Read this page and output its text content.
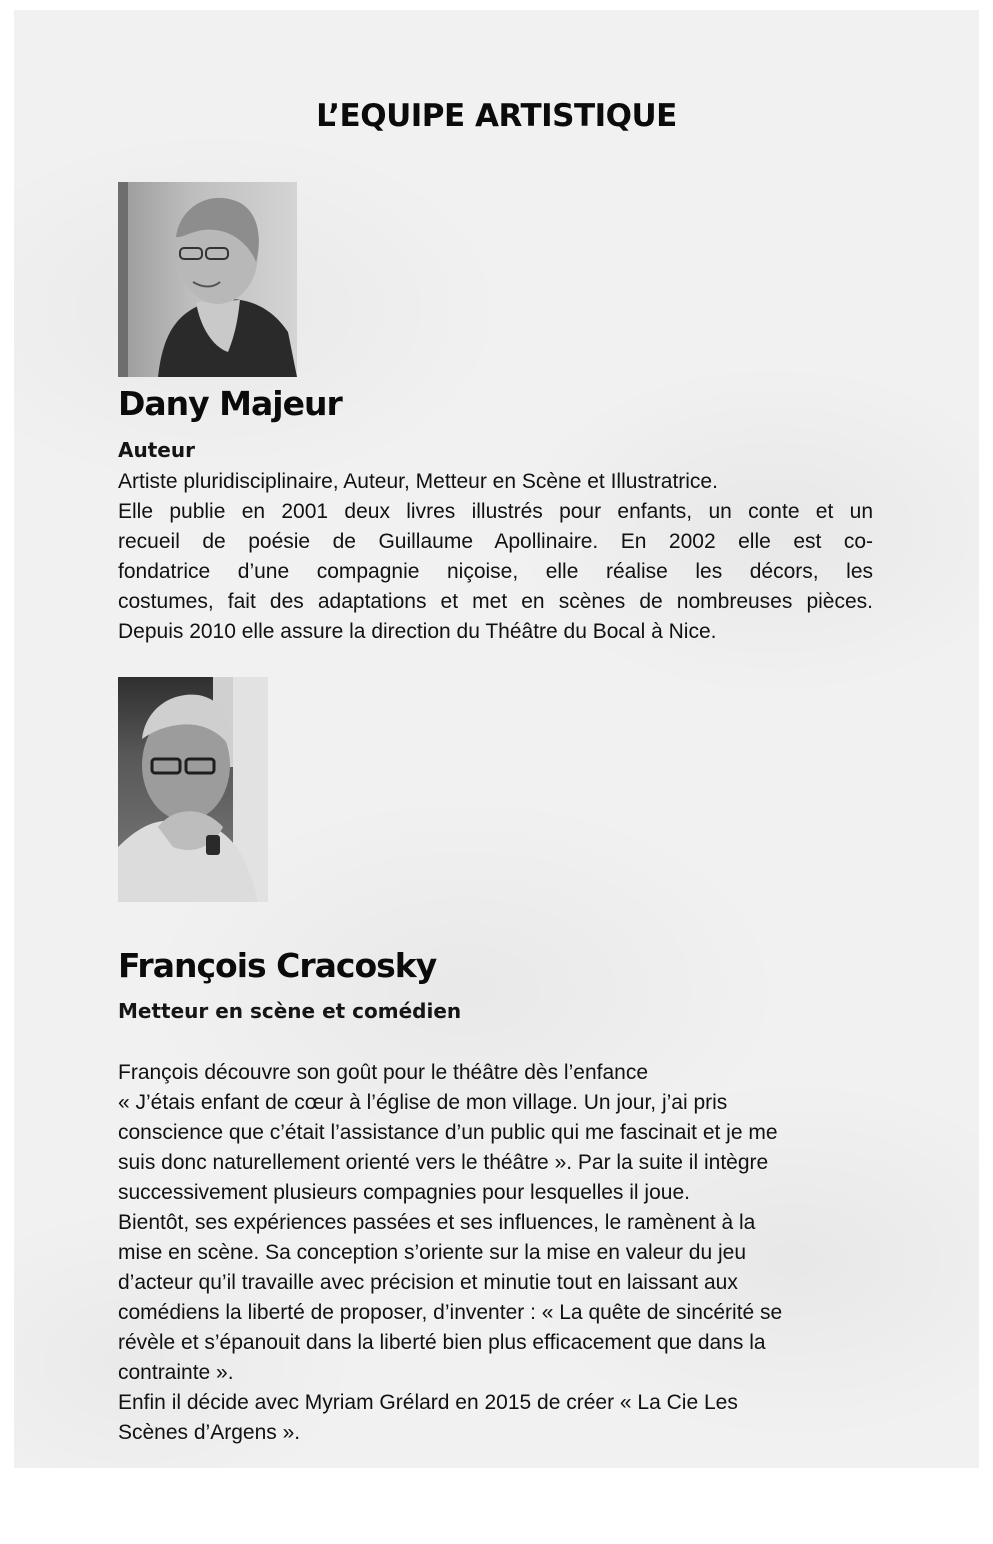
L’EQUIPE ARTISTIQUE
Dany Majeur
Auteur
Artiste pluridisciplinaire, Auteur, Metteur en Scène et Illustratrice.
Elle publie en 2001 deux livres illustrés pour enfants, un conte et un
recueil de poésie de Guillaume Apollinaire. En 2002 elle est co-
fondatrice d’une compagnie niçoise, elle réalise les décors, les
costumes, fait des adaptations et met en scènes de nombreuses pièces.
Depuis 2010 elle assure la direction du Théâtre du Bocal à Nice.
François Cracosky
Metteur en scène et comédien
François découvre son goût pour le théâtre dès l’enfance
« J’étais enfant de cœur à l’église de mon village. Un jour, j’ai pris
conscience que c’était l’assistance d’un public qui me fascinait et je me
suis donc naturellement orienté vers le théâtre ». Par la suite il intègre
successivement plusieurs compagnies pour lesquelles il joue.
Bientôt, ses expériences passées et ses influences, le ramènent à la
mise en scène. Sa conception s’oriente sur la mise en valeur du jeu
d’acteur qu’il travaille avec précision et minutie tout en laissant aux
comédiens la liberté de proposer, d’inventer : « La quête de sincérité se
révèle et s’épanouit dans la liberté bien plus efficacement que dans la
contrainte ».
Enfin il décide avec Myriam Grélard en 2015 de créer « La Cie Les
Scènes d’Argens ».
